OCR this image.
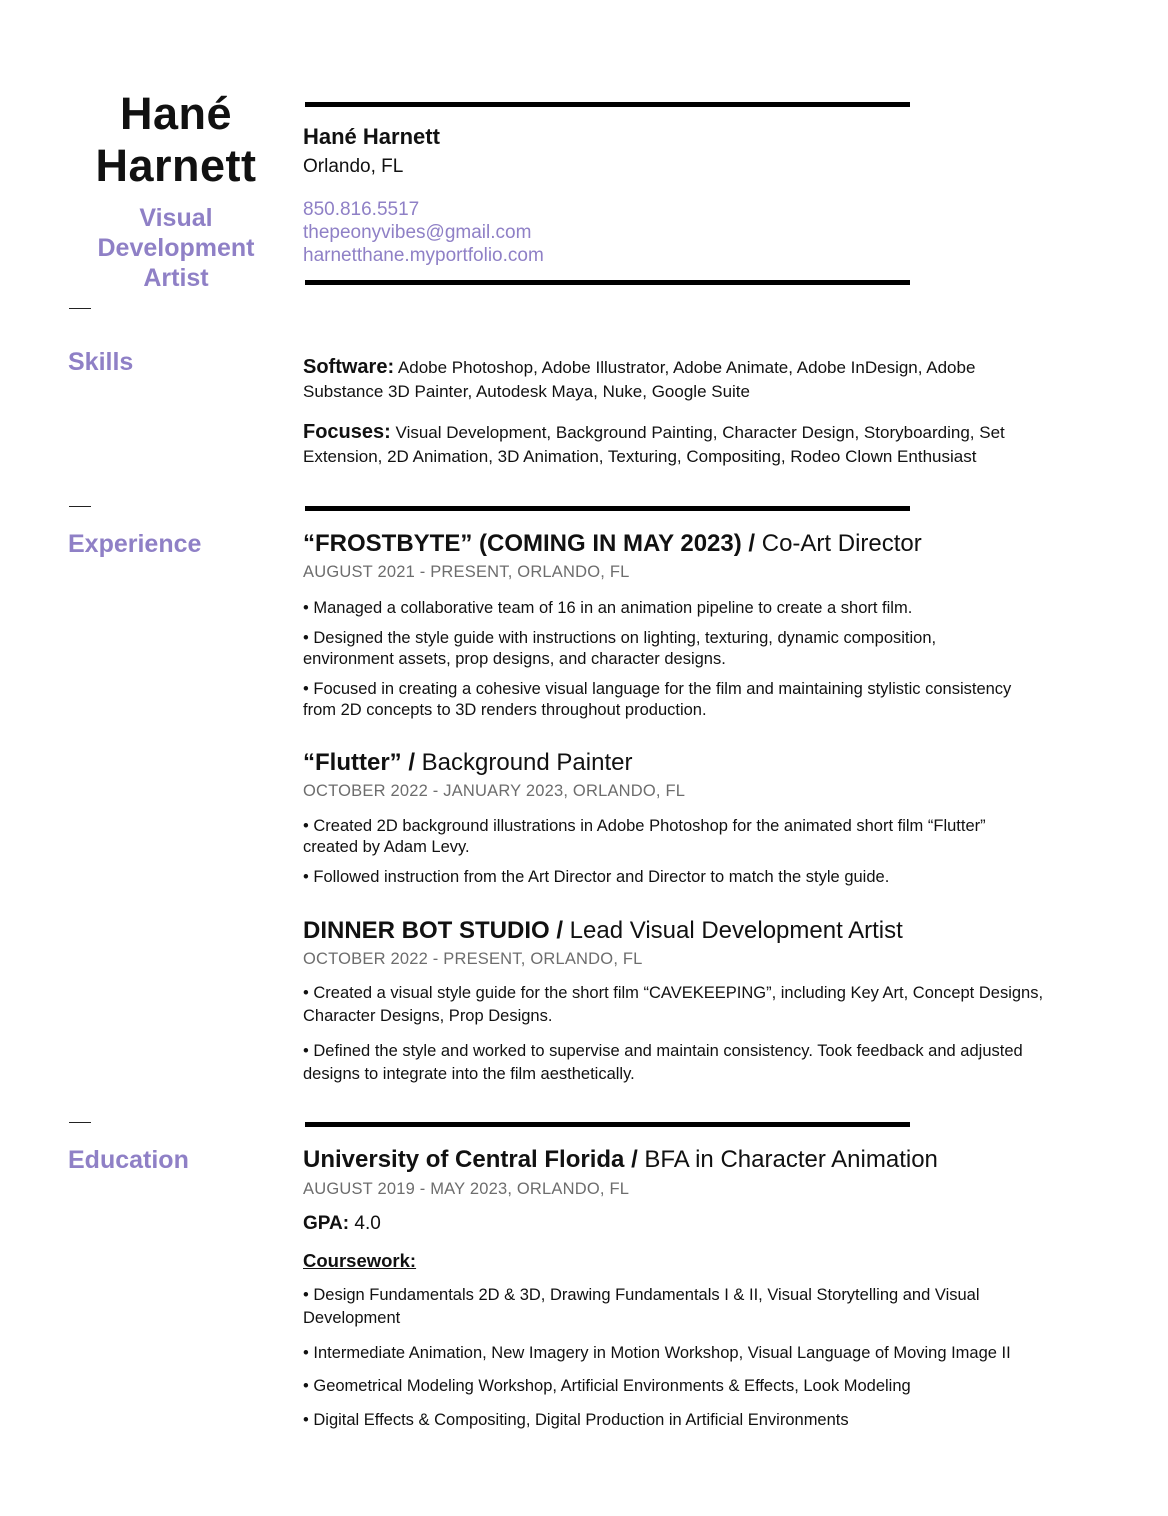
Hané
Harnett
Visual
Development
Artist
Hané Harnett
Orlando, FL
850.816.5517
thepeonyvibes@gmail.com
harnetthane.myportfolio.com
Skills	Software: Adobe Photoshop, Adobe Illustrator, Adobe Animate, Adobe InDesign, Adobe
Substance 3D Painter, Autodesk Maya, Nuke, Google Suite
Focuses: Visual Development, Background Painting, Character Design, Storyboarding, Set
Extension, 2D Animation, 3D Animation, Texturing, Compositing, Rodeo Clown Enthusiast
Experience	“FROSTBYTE” (COMING IN MAY 2023) / Co-Art Director
AUGUST 2021 - PRESENT, ORLANDO, FL
• Managed a collaborative team of 16 in an animation pipeline to create a short film.
• Designed the style guide with instructions on lighting, texturing, dynamic composition,
environment assets, prop designs, and character designs.
• Focused in creating a cohesive visual language for the film and maintaining stylistic consistency
from 2D concepts to 3D renders throughout production.
“Flutter” / Background Painter
OCTOBER 2022 - JANUARY 2023, ORLANDO, FL
• Created 2D background illustrations in Adobe Photoshop for the animated short film “Flutter”
created by Adam Levy.
• Followed instruction from the Art Director and Director to match the style guide.
DINNER BOT STUDIO / Lead Visual Development Artist
OCTOBER 2022 - PRESENT, ORLANDO, FL
• Created a visual style guide for the short film “CAVEKEEPING”, including Key Art, Concept Designs,
Character Designs, Prop Designs.
• Defined the style and worked to supervise and maintain consistency. Took feedback and adjusted
designs to integrate into the film aesthetically.
Education	University of Central Florida / BFA in Character Animation
AUGUST 2019 - MAY 2023, ORLANDO, FL
GPA: 4.0
Coursework:
• Design Fundamentals 2D & 3D, Drawing Fundamentals I & II, Visual Storytelling and Visual
Development
• Intermediate Animation, New Imagery in Motion Workshop, Visual Language of Moving Image II
• Geometrical Modeling Workshop, Artificial Environments & Effects, Look Modeling
• Digital Effects & Compositing, Digital Production in Artificial Environments
